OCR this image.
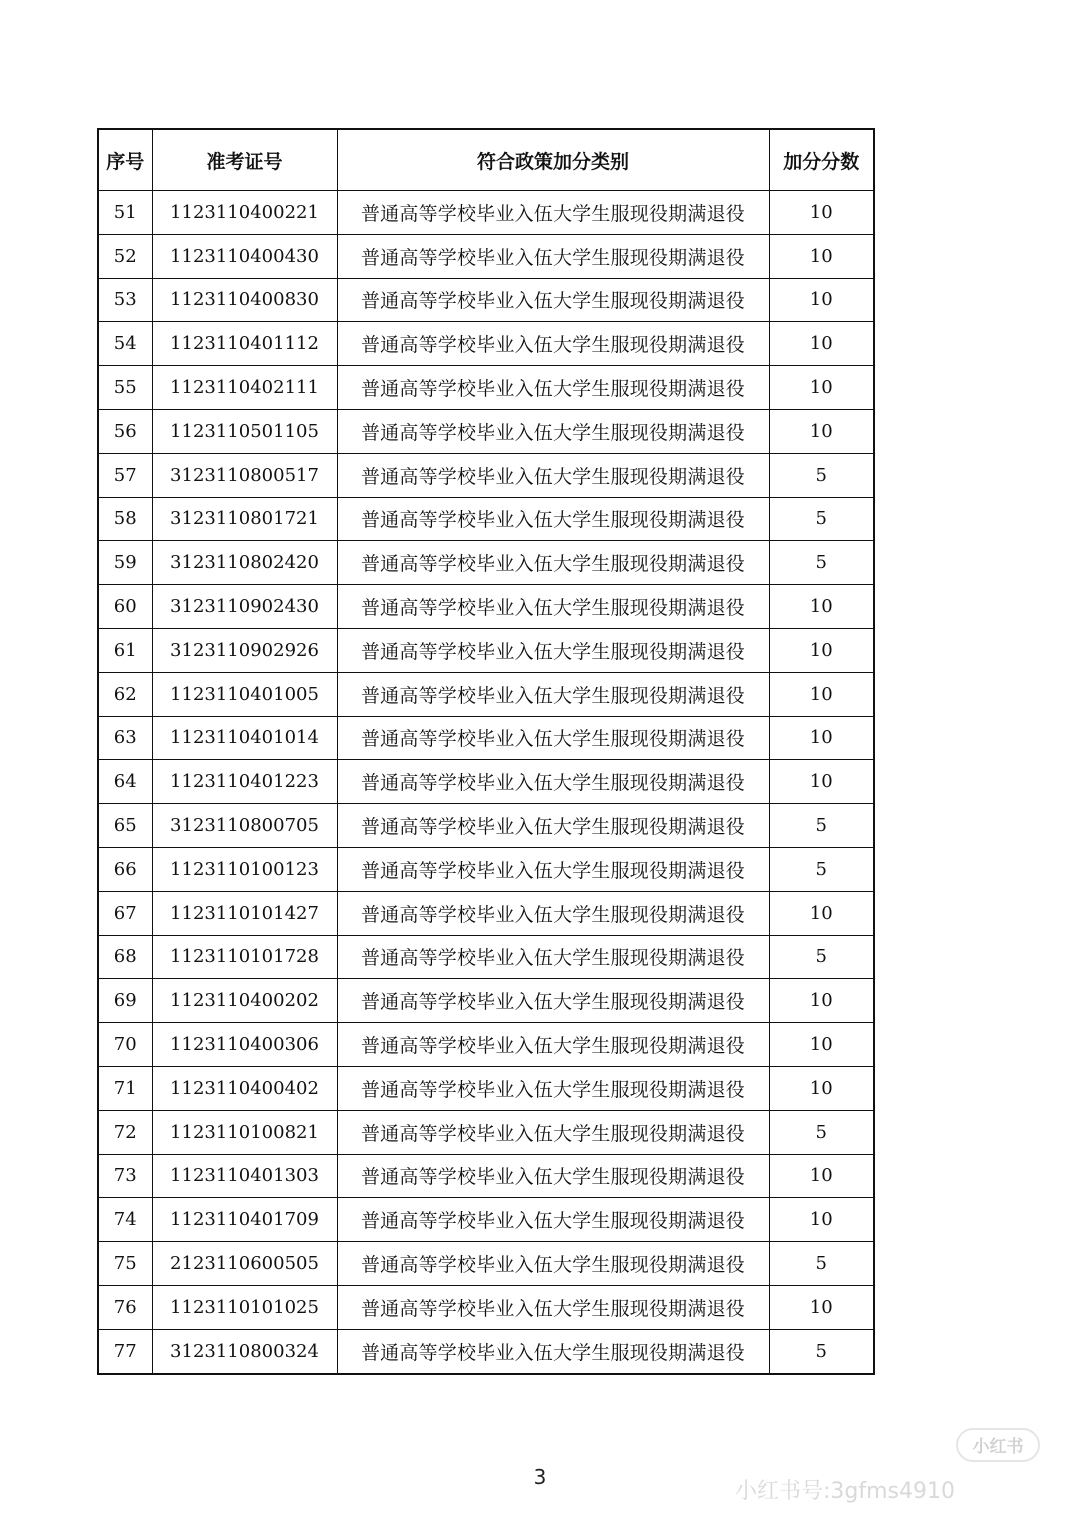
序号	准考证号	符合政策加分类别	加分分数
51	1123110400221	普通高等学校毕业入伍大学生服现役期满退役	10
52	1123110400430	普通高等学校毕业入伍大学生服现役期满退役	10
53	1123110400830	普通高等学校毕业入伍大学生服现役期满退役	10
54	1123110401112	普通高等学校毕业入伍大学生服现役期满退役	10
55	1123110402111	普通高等学校毕业入伍大学生服现役期满退役	10
56	1123110501105	普通高等学校毕业入伍大学生服现役期满退役	10
57	3123110800517	普通高等学校毕业入伍大学生服现役期满退役	5
58	3123110801721	普通高等学校毕业入伍大学生服现役期满退役	5
59	3123110802420	普通高等学校毕业入伍大学生服现役期满退役	5
60	3123110902430	普通高等学校毕业入伍大学生服现役期满退役	10
61	3123110902926	普通高等学校毕业入伍大学生服现役期满退役	10
62	1123110401005	普通高等学校毕业入伍大学生服现役期满退役	10
63	1123110401014	普通高等学校毕业入伍大学生服现役期满退役	10
64	1123110401223	普通高等学校毕业入伍大学生服现役期满退役	10
65	3123110800705	普通高等学校毕业入伍大学生服现役期满退役	5
66	1123110100123	普通高等学校毕业入伍大学生服现役期满退役	5
67	1123110101427	普通高等学校毕业入伍大学生服现役期满退役	10
68	1123110101728	普通高等学校毕业入伍大学生服现役期满退役	5
69	1123110400202	普通高等学校毕业入伍大学生服现役期满退役	10
70	1123110400306	普通高等学校毕业入伍大学生服现役期满退役	10
71	1123110400402	普通高等学校毕业入伍大学生服现役期满退役	10
72	1123110100821	普通高等学校毕业入伍大学生服现役期满退役	5
73	1123110401303	普通高等学校毕业入伍大学生服现役期满退役	10
74	1123110401709	普通高等学校毕业入伍大学生服现役期满退役	10
75	2123110600505	普通高等学校毕业入伍大学生服现役期满退役	5
76	1123110101025	普通高等学校毕业入伍大学生服现役期满退役	10
77	3123110800324	普通高等学校毕业入伍大学生服现役期满退役	5
3
小红书
小红书号:3gfms4910
